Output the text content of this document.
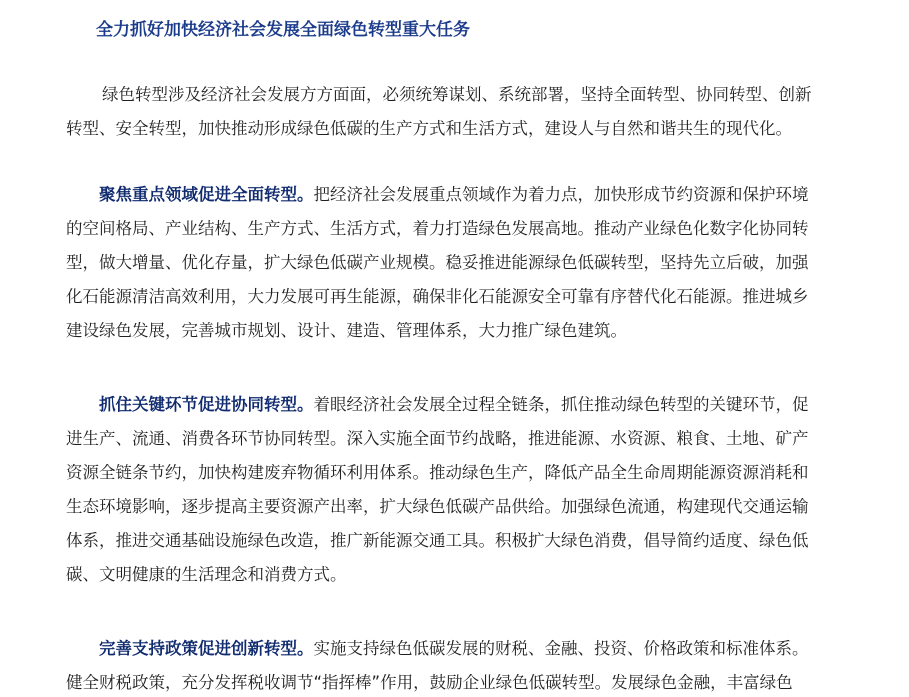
全力抓好加快经济社会发展全面绿色转型重大任务
绿色转型涉及经济社会发展方方面面，必须统筹谋划、系统部署，坚持全面转型、协同转型、创新
转型、安全转型，加快推动形成绿色低碳的生产方式和生活方式，建设人与自然和谐共生的现代化。
聚焦重点领域促进全面转型。把经济社会发展重点领域作为着力点，加快形成节约资源和保护环境
的空间格局、产业结构、生产方式、生活方式，着力打造绿色发展高地。推动产业绿色化数字化协同转
型，做大增量、优化存量，扩大绿色低碳产业规模。稳妥推进能源绿色低碳转型，坚持先立后破，加强
化石能源清洁高效利用，大力发展可再生能源，确保非化石能源安全可靠有序替代化石能源。推进城乡
建设绿色发展，完善城市规划、设计、建造、管理体系，大力推广绿色建筑。
抓住关键环节促进协同转型。着眼经济社会发展全过程全链条，抓住推动绿色转型的关键环节，促
进生产、流通、消费各环节协同转型。深入实施全面节约战略，推进能源、水资源、粮食、土地、矿产
资源全链条节约，加快构建废弃物循环利用体系。推动绿色生产，降低产品全生命周期能源资源消耗和
生态环境影响，逐步提高主要资源产出率，扩大绿色低碳产品供给。加强绿色流通，构建现代交通运输
体系，推进交通基础设施绿色改造，推广新能源交通工具。积极扩大绿色消费，倡导简约适度、绿色低
碳、文明健康的生活理念和消费方式。
完善支持政策促进创新转型。实施支持绿色低碳发展的财税、金融、投资、价格政策和标准体系。
健全财税政策，充分发挥税收调节“指挥棒”作用，鼓励企业绿色低碳转型。发展绿色金融，丰富绿色
